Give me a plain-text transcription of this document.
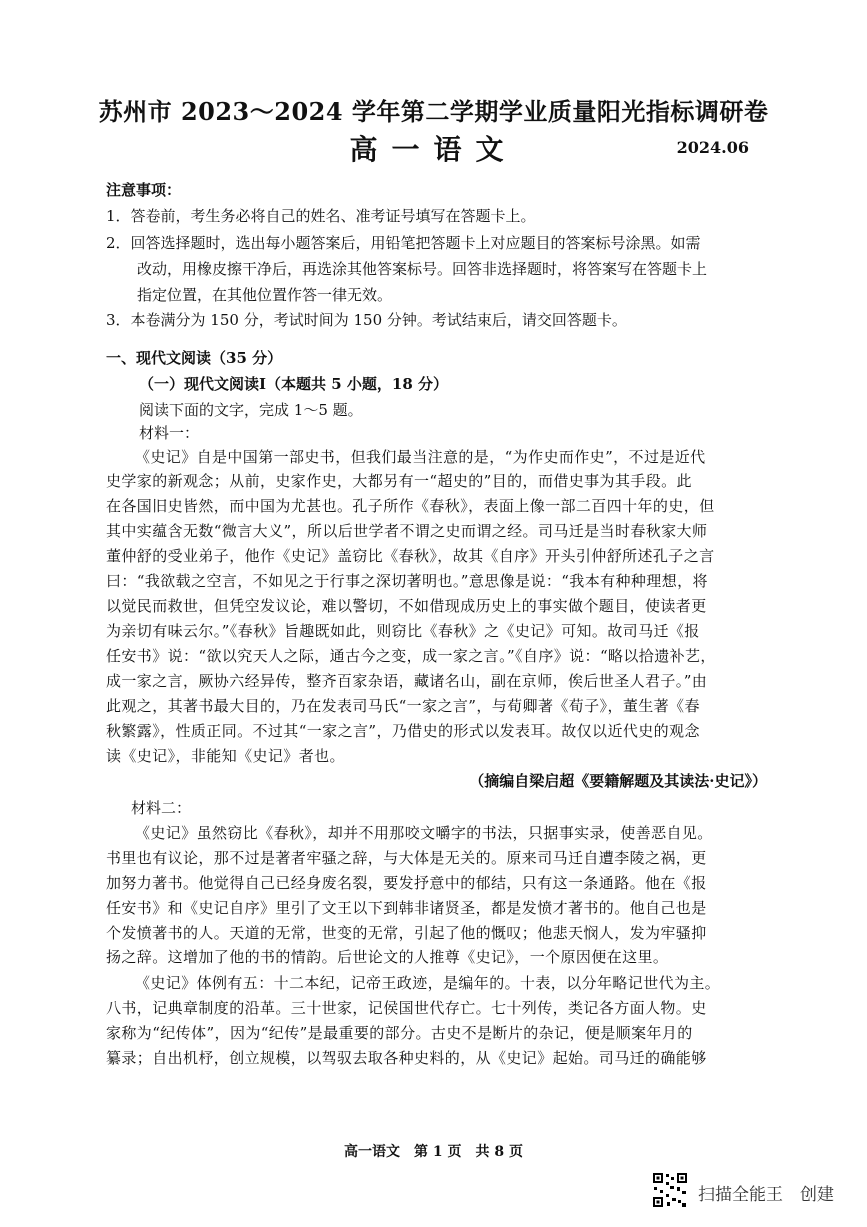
苏州市 2023～2024 学年第二学期学业质量阳光指标调研卷
高一语文	2024.06
注意事项：
1．答卷前，考生务必将自己的姓名、准考证号填写在答题卡上。
2．回答选择题时，选出每小题答案后，用铅笔把答题卡上对应题目的答案标号涂黑。如需
改动，用橡皮擦干净后，再选涂其他答案标号。回答非选择题时，将答案写在答题卡上
指定位置，在其他位置作答一律无效。
3．本卷满分为 150 分，考试时间为 150 分钟。考试结束后，请交回答题卡。
一、现代文阅读（35 分）
（一）现代文阅读Ⅰ（本题共 5 小题，18 分）
阅读下面的文字，完成 1～5 题。
材料一：
《史记》自是中国第一部史书，但我们最当注意的是，“为作史而作史”，不过是近代
史学家的新观念；从前，史家作史，大都另有一“超史的”目的，而借史事为其手段。此
在各国旧史皆然，而中国为尤甚也。孔子所作《春秋》，表面上像一部二百四十年的史，但
其中实蕴含无数“微言大义”，所以后世学者不谓之史而谓之经。司马迁是当时春秋家大师
董仲舒的受业弟子，他作《史记》盖窃比《春秋》，故其《自序》开头引仲舒所述孔子之言
曰：“我欲载之空言，不如见之于行事之深切著明也。”意思像是说：“我本有种种理想，将
以觉民而救世，但凭空发议论，难以警切，不如借现成历史上的事实做个题目，使读者更
为亲切有味云尔。”《春秋》旨趣既如此，则窃比《春秋》之《史记》可知。故司马迁《报
任安书》说：“欲以究天人之际，通古今之变，成一家之言。”《自序》说：“略以拾遗补艺，
成一家之言，厥协六经异传，整齐百家杂语，藏诸名山，副在京师，俟后世圣人君子。”由
此观之，其著书最大目的，乃在发表司马氏“一家之言”，与荀卿著《荀子》，董生著《春
秋繁露》，性质正同。不过其“一家之言”，乃借史的形式以发表耳。故仅以近代史的观念
读《史记》，非能知《史记》者也。
（摘编自梁启超《要籍解题及其读法·史记》）
材料二：
《史记》虽然窃比《春秋》，却并不用那咬文嚼字的书法，只据事实录，使善恶自见。
书里也有议论，那不过是著者牢骚之辞，与大体是无关的。原来司马迁自遭李陵之祸，更
加努力著书。他觉得自己已经身废名裂，要发抒意中的郁结，只有这一条通路。他在《报
任安书》和《史记自序》里引了文王以下到韩非诸贤圣，都是发愤才著书的。他自己也是
个发愤著书的人。天道的无常，世变的无常，引起了他的慨叹；他悲天悯人，发为牢骚抑
扬之辞。这增加了他的书的情韵。后世论文的人推尊《史记》，一个原因便在这里。
《史记》体例有五：十二本纪，记帝王政迹，是编年的。十表，以分年略记世代为主。
八书，记典章制度的沿革。三十世家，记侯国世代存亡。七十列传，类记各方面人物。史
家称为“纪传体”，因为“纪传”是最重要的部分。古史不是断片的杂记，便是顺案年月的
纂录；自出机杼，创立规模，以驾驭去取各种史料的，从《史记》起始。司马迁的确能够
高一语文　第 1 页　共 8 页
扫描全能王　创建
